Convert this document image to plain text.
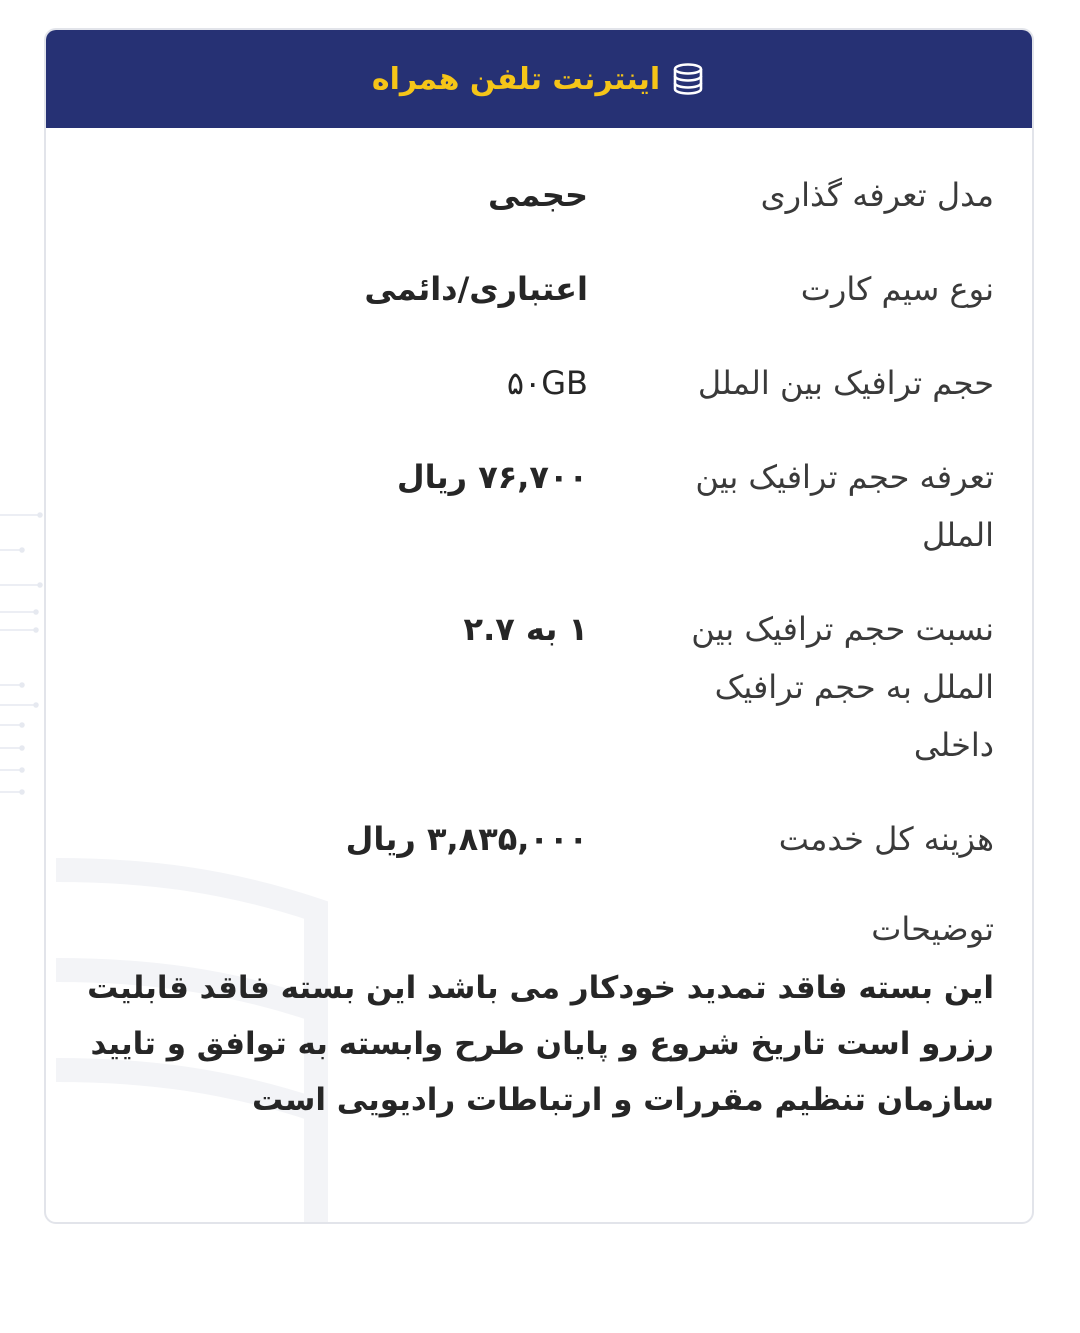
اینترنت تلفن همراه
مدل تعرفه گذاری
حجمی
نوع سیم کارت
اعتباری/دائمی
حجم ترافیک بین الملل
۵۰GB
تعرفه حجم ترافیک بین الملل
۷۶,۷۰۰ ریال
نسبت حجم ترافیک بین الملل به حجم ترافیک داخلی
۱ به ۲.۷
هزینه کل خدمت
۳,۸۳۵,۰۰۰ ریال
توضیحات
این بسته فاقد تمدید خودکار می باشد این بسته فاقد قابلیت رزرو است تاریخ شروع و پایان طرح وابسته به توافق و تایید سازمان تنظیم مقررات و ارتباطات رادیویی است
